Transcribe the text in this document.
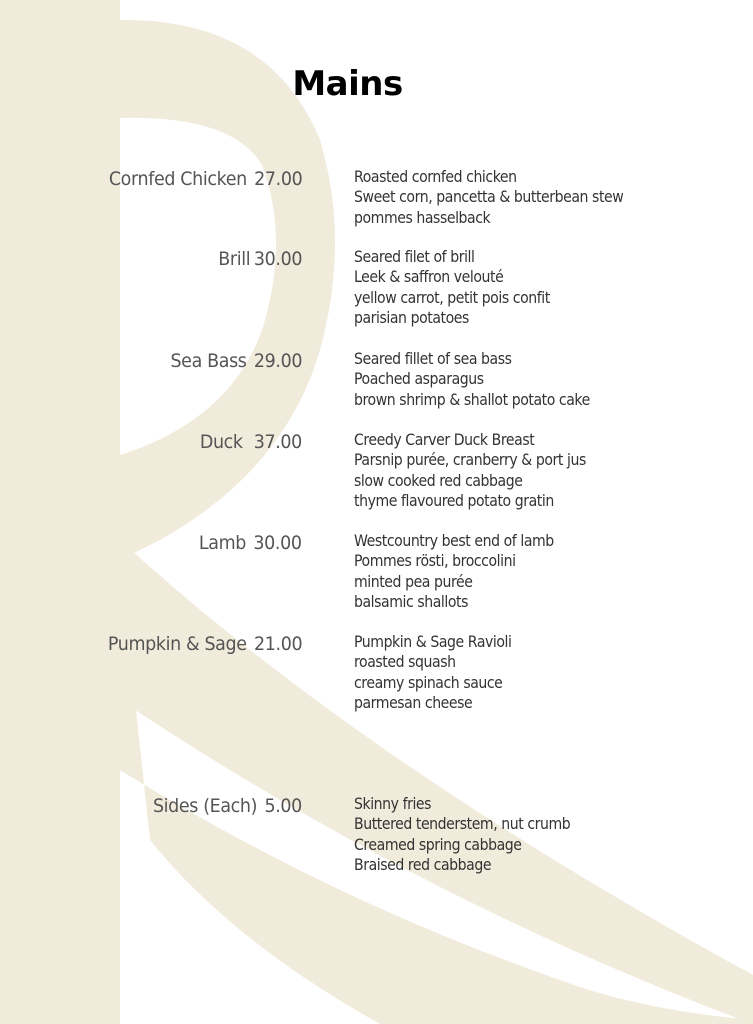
Mains
Cornfed Chicken 27.00	Roasted cornfed chicken
Sweet corn, pancetta & butterbean stew
pommes hasselback
Brill 30.00	Seared filet of brill
Leek & saffron velouté
yellow carrot, petit pois confit
parisian potatoes
Sea Bass 29.00	Seared fillet of sea bass
Poached asparagus
brown shrimp & shallot potato cake
Duck 37.00	Creedy Carver Duck Breast
Parsnip purée, cranberry & port jus
slow cooked red cabbage
thyme flavoured potato gratin
Lamb 30.00	Westcountry best end of lamb
Pommes rösti, broccolini
minted pea purée
balsamic shallots
Pumpkin & Sage 21.00	Pumpkin & Sage Ravioli
roasted squash
creamy spinach sauce
parmesan cheese
Sides (Each) 5.00	Skinny fries
Buttered tenderstem, nut crumb
Creamed spring cabbage
Braised red cabbage
